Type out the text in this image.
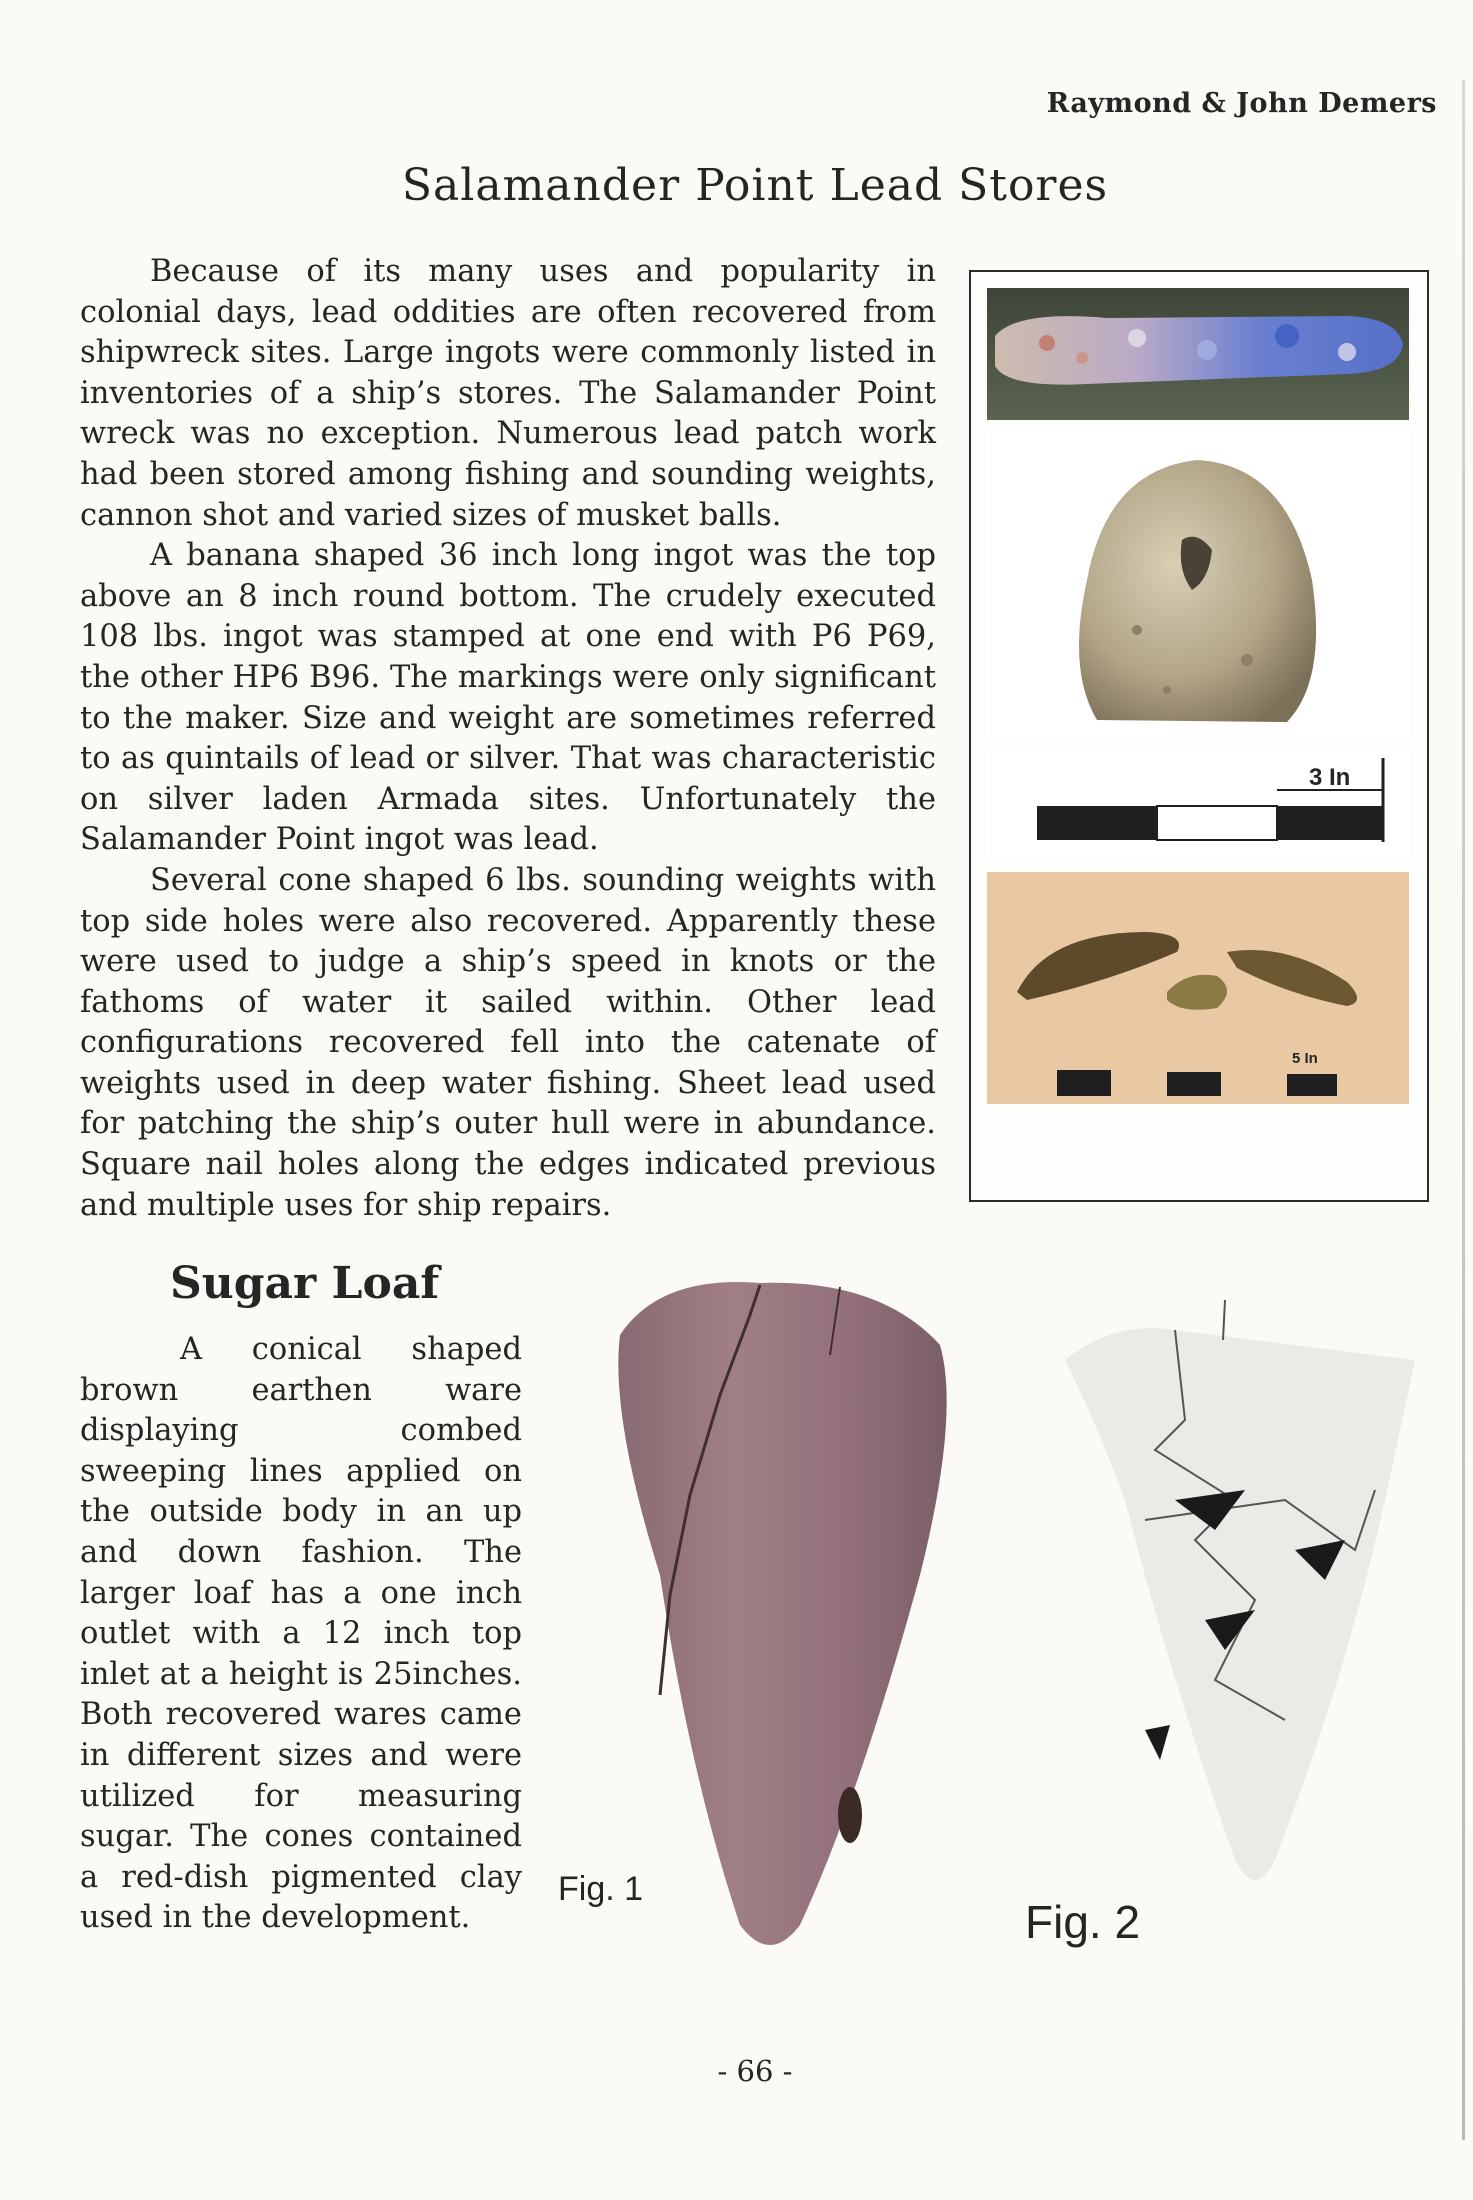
Raymond & John Demers
Salamander Point Lead Stores

Because of its many uses and popularity in colonial days, lead oddities are often recovered from shipwreck sites. Large ingots were commonly listed in inventories of a ship’s stores. The Salamander Point wreck was no exception. Numerous lead patch work had been stored among fishing and sounding weights, cannon shot and varied sizes of musket balls.

A banana shaped 36 inch long ingot was the top above an 8 inch round bottom. The crudely executed 108 lbs. ingot was stamped at one end with P6 P69, the other HP6 B96. The markings were only significant to the maker. Size and weight are sometimes referred to as quintails of lead or silver. That was characteristic on silver laden Armada sites. Unfortunately the Salamander Point ingot was lead.

Several cone shaped 6 lbs. sounding weights with top side holes were also recovered. Apparently these were used to judge a ship’s speed in knots or the fathoms of water it sailed within. Other lead configurations recovered fell into the catenate of weights used in deep water fishing. Sheet lead used for patching the ship’s outer hull were in abundance. Square nail holes along the edges indicated previous and multiple uses for ship repairs.

3 In
5 In
Sugar Loaf

A conical shaped brown earthen ware displaying combed sweeping lines applied on the outside body in an up and down fashion. The larger loaf has a one inch outlet with a 12 inch top inlet at a height is 25inches. Both recovered wares came in different sizes and were utilized for measuring sugar. The cones contained a red-dish pigmented clay used in the development.

Fig. 1
Fig. 2
- 66 -
